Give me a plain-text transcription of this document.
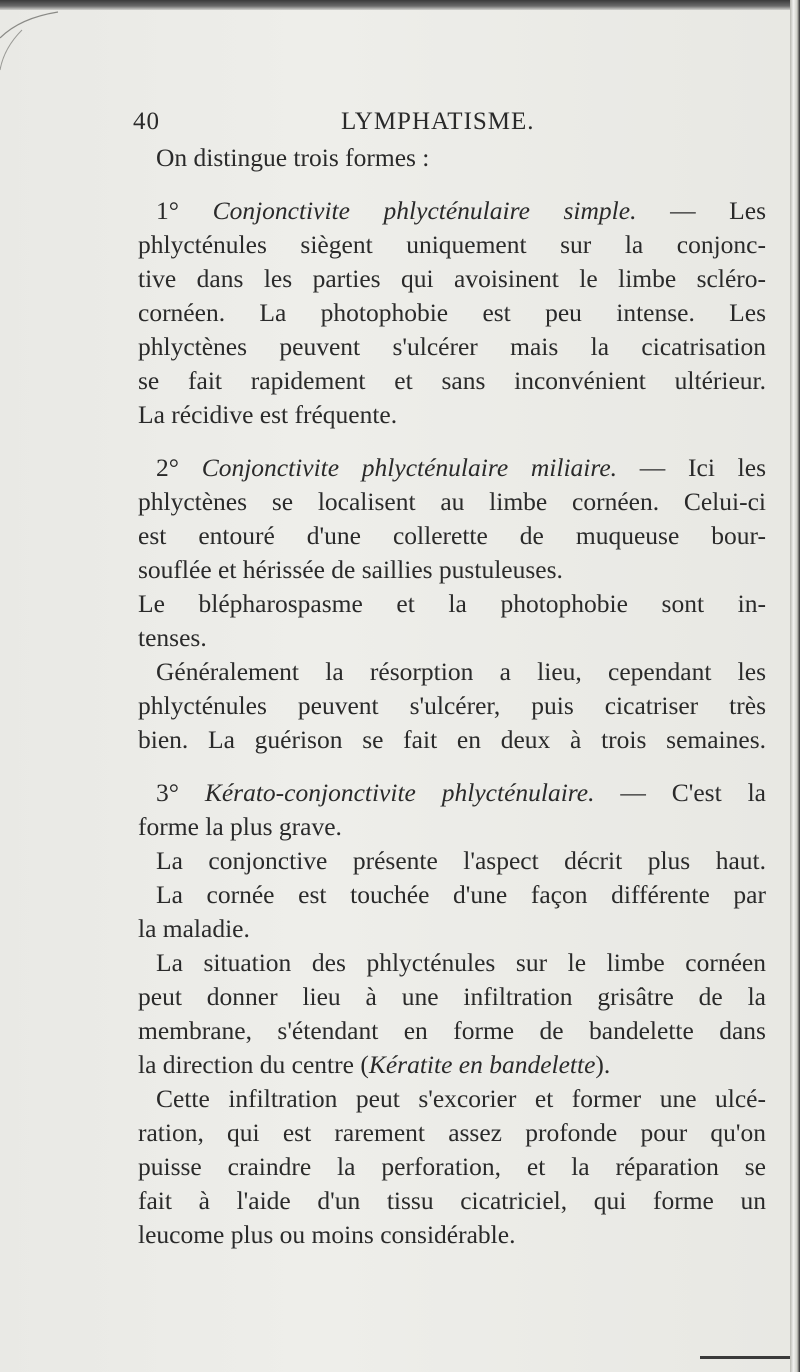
40	LYMPHATISME.
On distingue trois formes :
1° Conjonctivite phlycténulaire simple. — Les
phlycténules siègent uniquement sur la conjonc-
tive dans les parties qui avoisinent le limbe scléro-
cornéen. La photophobie est peu intense. Les
phlyctènes peuvent s'ulcérer mais la cicatrisation
se fait rapidement et sans inconvénient ultérieur.
La récidive est fréquente.
2° Conjonctivite phlycténulaire miliaire. — Ici les
phlyctènes se localisent au limbe cornéen. Celui-ci
est entouré d'une collerette de muqueuse bour-
souflée et hérissée de saillies pustuleuses.
Le blépharospasme et la photophobie sont in-
tenses.
Généralement la résorption a lieu, cependant les
phlycténules peuvent s'ulcérer, puis cicatriser très
bien. La guérison se fait en deux à trois semaines.
3° Kérato-conjonctivite phlycténulaire. — C'est la
forme la plus grave.
La conjonctive présente l'aspect décrit plus haut.
La cornée est touchée d'une façon différente par
la maladie.
La situation des phlycténules sur le limbe cornéen
peut donner lieu à une infiltration grisâtre de la
membrane, s'étendant en forme de bandelette dans
la direction du centre (Kératite en bandelette).
Cette infiltration peut s'excorier et former une ulcé-
ration, qui est rarement assez profonde pour qu'on
puisse craindre la perforation, et la réparation se
fait à l'aide d'un tissu cicatriciel, qui forme un
leucome plus ou moins considérable.
